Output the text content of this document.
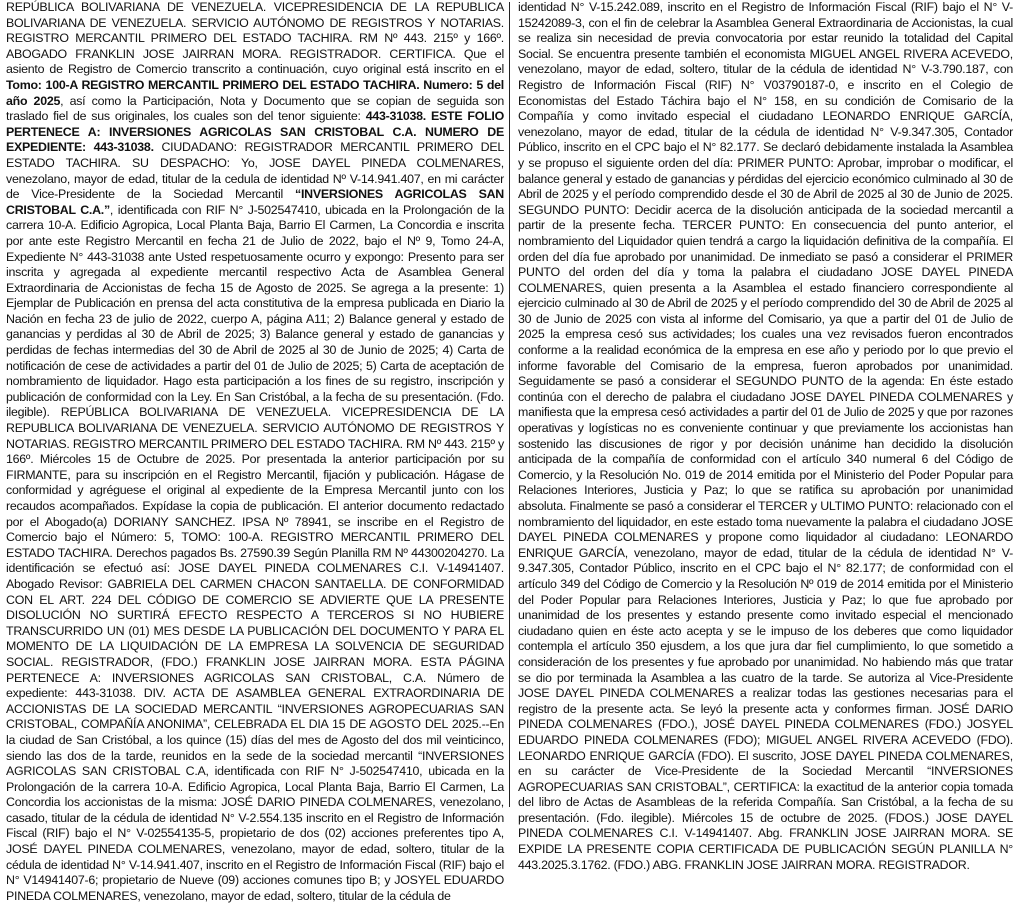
REPÚBLICA BOLIVARIANA DE VENEZUELA. VICEPRESIDENCIA DE LA REPUBLICA BOLIVARIANA DE VENEZUELA. SERVICIO AUTÓNOMO DE REGISTROS Y NOTARIAS. REGISTRO MERCANTIL PRIMERO DEL ESTADO TACHIRA. RM Nº 443. 215º y 166º. ABOGADO FRANKLIN JOSE JAIRRAN MORA. REGISTRADOR. CERTIFICA. Que el asiento de Registro de Comercio transcrito a continuación, cuyo original está inscrito en el Tomo: 100-A REGISTRO MERCANTIL PRIMERO DEL ESTADO TACHIRA. Numero: 5 del año 2025, así como la Participación, Nota y Documento que se copian de seguida son traslado fiel de sus originales, los cuales son del tenor siguiente: 443-31038. ESTE FOLIO PERTENECE A: INVERSIONES AGRICOLAS SAN CRISTOBAL C.A. NUMERO DE EXPEDIENTE: 443-31038. CIUDADANO: REGISTRADOR MERCANTIL PRIMERO DEL ESTADO TACHIRA. SU DESPACHO: Yo, JOSE DAYEL PINEDA COLMENARES, venezolano, mayor de edad, titular de la cedula de identidad Nº V-14.941.407, en mi carácter de Vice-Presidente de la Sociedad Mercantil “INVERSIONES AGRICOLAS SAN CRISTOBAL C.A.”, identificada con RIF N° J-502547410, ubicada en la Prolongación de la carrera 10-A. Edificio Agropica, Local Planta Baja, Barrio El Carmen, La Concordia e inscrita por ante este Registro Mercantil en fecha 21 de Julio de 2022, bajo el Nº 9, Tomo 24-A, Expediente N° 443-31038 ante Usted respetuosamente ocurro y expongo: Presento para ser inscrita y agregada al expediente mercantil respectivo Acta de Asamblea General Extraordinaria de Accionistas de fecha 15 de Agosto de 2025. Se agrega a la presente: 1) Ejemplar de Publicación en prensa del acta constitutiva de la empresa publicada en Diario la Nación en fecha 23 de julio de 2022, cuerpo A, página A11; 2) Balance general y estado de ganancias y perdidas al 30 de Abril de 2025; 3) Balance general y estado de ganancias y perdidas de fechas intermedias del 30 de Abril de 2025 al 30 de Junio de 2025; 4) Carta de notificación de cese de actividades a partir del 01 de Julio de 2025; 5) Carta de aceptación de nombramiento de liquidador. Hago esta participación a los fines de su registro, inscripción y publicación de conformidad con la Ley. En San Cristóbal, a la fecha de su presentación. (Fdo. ilegible). REPÚBLICA BOLIVARIANA DE VENEZUELA. VICEPRESIDENCIA DE LA REPUBLICA BOLIVARIANA DE VENEZUELA. SERVICIO AUTÓNOMO DE REGISTROS Y NOTARIAS. REGISTRO MERCANTIL PRIMERO DEL ESTADO TACHIRA. RM Nº 443. 215º y 166º. Miércoles 15 de Octubre de 2025. Por presentada la anterior participación por su FIRMANTE, para su inscripción en el Registro Mercantil, fijación y publicación. Hágase de conformidad y agréguese el original al expediente de la Empresa Mercantil junto con los recaudos acompañados. Expídase la copia de publicación. El anterior documento redactado por el Abogado(a) DORIANY SANCHEZ. IPSA Nº 78941, se inscribe en el Registro de Comercio bajo el Número: 5, TOMO: 100-A. REGISTRO MERCANTIL PRIMERO DEL ESTADO TACHIRA. Derechos pagados Bs. 27590.39 Según Planilla RM Nº 44300204270. La identificación se efectuó así: JOSE DAYEL PINEDA COLMENARES C.I. V-14941407. Abogado Revisor: GABRIELA DEL CARMEN CHACON SANTAELLA. DE CONFORMIDAD CON EL ART. 224 DEL CÓDIGO DE COMERCIO SE ADVIERTE QUE LA PRESENTE DISOLUCIÓN NO SURTIRÁ EFECTO RESPECTO A TERCEROS SI NO HUBIERE TRANSCURRIDO UN (01) MES DESDE LA PUBLICACIÓN DEL DOCUMENTO Y PARA EL MOMENTO DE LA LIQUIDACIÓN DE LA EMPRESA LA SOLVENCIA DE SEGURIDAD SOCIAL. REGISTRADOR, (FDO.) FRANKLIN JOSE JAIRRAN MORA. ESTA PÁGINA PERTENECE A: INVERSIONES AGRICOLAS SAN CRISTOBAL, C.A. Número de expediente: 443-31038. DIV. ACTA DE ASAMBLEA GENERAL EXTRAORDINARIA DE ACCIONISTAS DE LA SOCIEDAD MERCANTIL “INVERSIONES AGROPECUARIAS SAN CRISTOBAL, COMPAÑÍA ANONIMA”, CELEBRADA EL DIA 15 DE AGOSTO DEL 2025.--En la ciudad de San Cristóbal, a los quince (15) días del mes de Agosto del dos mil veinticinco, siendo las dos de la tarde, reunidos en la sede de la sociedad mercantil “INVERSIONES AGRICOLAS SAN CRISTOBAL C.A, identificada con RIF N° J-502547410, ubicada en la Prolongación de la carrera 10-A. Edificio Agropica, Local Planta Baja, Barrio El Carmen, La Concordia los accionistas de la misma: JOSÉ DARIO PINEDA COLMENARES, venezolano, casado, titular de la cédula de identidad N° V-2.554.135 inscrito en el Registro de Información Fiscal (RIF) bajo el N° V-02554135-5, propietario de dos (02) acciones preferentes tipo A, JOSÉ DAYEL PINEDA COLMENARES, venezolano, mayor de edad, soltero, titular de la cédula de identidad N° V-14.941.407, inscrito en el Registro de Información Fiscal (RIF) bajo el N° V14941407-6; propietario de Nueve (09) acciones comunes tipo B; y JOSYEL EDUARDO PINEDA COLMENARES, venezolano, mayor de edad, soltero, titular de la cédula de
identidad N° V-15.242.089, inscrito en el Registro de Información Fiscal (RIF) bajo el N° V-15242089-3, con el fin de celebrar la Asamblea General Extraordinaria de Accionistas, la cual se realiza sin necesidad de previa convocatoria por estar reunido la totalidad del Capital Social. Se encuentra presente también el economista MIGUEL ANGEL RIVERA ACEVEDO, venezolano, mayor de edad, soltero, titular de la cédula de identidad N° V-3.790.187, con Registro de Información Fiscal (RIF) N° V03790187-0, e inscrito en el Colegio de Economistas del Estado Táchira bajo el N° 158, en su condición de Comisario de la Compañía y como invitado especial el ciudadano LEONARDO ENRIQUE GARCÍA, venezolano, mayor de edad, titular de la cédula de identidad N° V-9.347.305, Contador Público, inscrito en el CPC bajo el N° 82.177. Se declaró debidamente instalada la Asamblea y se propuso el siguiente orden del día: PRIMER PUNTO: Aprobar, improbar o modificar, el balance general y estado de ganancias y pérdidas del ejercicio económico culminado al 30 de Abril de 2025 y el período comprendido desde el 30 de Abril de 2025 al 30 de Junio de 2025. SEGUNDO PUNTO: Decidir acerca de la disolución anticipada de la sociedad mercantil a partir de la presente fecha. TERCER PUNTO: En consecuencia del punto anterior, el nombramiento del Liquidador quien tendrá a cargo la liquidación definitiva de la compañía. El orden del día fue aprobado por unanimidad. De inmediato se pasó a considerar el PRIMER PUNTO del orden del día y toma la palabra el ciudadano JOSE DAYEL PINEDA COLMENARES, quien presenta a la Asamblea el estado financiero correspondiente al ejercicio culminado al 30 de Abril de 2025 y el período comprendido del 30 de Abril de 2025 al 30 de Junio de 2025 con vista al informe del Comisario, ya que a partir del 01 de Julio de 2025 la empresa cesó sus actividades; los cuales una vez revisados fueron encontrados conforme a la realidad económica de la empresa en ese año y periodo por lo que previo el informe favorable del Comisario de la empresa, fueron aprobados por unanimidad. Seguidamente se pasó a considerar el SEGUNDO PUNTO de la agenda: En éste estado continúa con el derecho de palabra el ciudadano JOSE DAYEL PINEDA COLMENARES y manifiesta que la empresa cesó actividades a partir del 01 de Julio de 2025 y que por razones operativas y logísticas no es conveniente continuar y que previamente los accionistas han sostenido las discusiones de rigor y por decisión unánime han decidido la disolución anticipada de la compañía de conformidad con el artículo 340 numeral 6 del Código de Comercio, y la Resolución No. 019 de 2014 emitida por el Ministerio del Poder Popular para Relaciones Interiores, Justicia y Paz; lo que se ratifica su aprobación por unanimidad absoluta. Finalmente se pasó a considerar el TERCER y ULTIMO PUNTO: relacionado con el nombramiento del liquidador, en este estado toma nuevamente la palabra el ciudadano JOSE DAYEL PINEDA COLMENARES y propone como liquidador al ciudadano: LEONARDO ENRIQUE GARCÍA, venezolano, mayor de edad, titular de la cédula de identidad N° V-9.347.305, Contador Público, inscrito en el CPC bajo el N° 82.177; de conformidad con el artículo 349 del Código de Comercio y la Resolución Nº 019 de 2014 emitida por el Ministerio del Poder Popular para Relaciones Interiores, Justicia y Paz; lo que fue aprobado por unanimidad de los presentes y estando presente como invitado especial el mencionado ciudadano quien en éste acto acepta y se le impuso de los deberes que como liquidador contempla el artículo 350 ejusdem, a los que jura dar fiel cumplimiento, lo que sometido a consideración de los presentes y fue aprobado por unanimidad. No habiendo más que tratar se dio por terminada la Asamblea a las cuatro de la tarde. Se autoriza al Vice-Presidente JOSE DAYEL PINEDA COLMENARES a realizar todas las gestiones necesarias para el registro de la presente acta. Se leyó la presente acta y conformes firman. JOSÉ DARIO PINEDA COLMENARES (FDO.), JOSÉ DAYEL PINEDA COLMENARES (FDO.) JOSYEL EDUARDO PINEDA COLMENARES (FDO); MIGUEL ANGEL RIVERA ACEVEDO (FDO). LEONARDO ENRIQUE GARCÍA (FDO). El suscrito, JOSE DAYEL PINEDA COLMENARES, en su carácter de Vice-Presidente de la Sociedad Mercantil “INVERSIONES AGROPECUARIAS SAN CRISTOBAL”, CERTIFICA: la exactitud de la anterior copia tomada del libro de Actas de Asambleas de la referida Compañía. San Cristóbal, a la fecha de su presentación. (Fdo. ilegible). Miércoles 15 de octubre de 2025. (FDOS.) JOSE DAYEL PINEDA COLMENARES C.I. V-14941407. Abg. FRANKLIN JOSE JAIRRAN MORA. SE EXPIDE LA PRESENTE COPIA CERTIFICADA DE PUBLICACIÓN SEGÚN PLANILLA N° 443.2025.3.1762. (FDO.) ABG. FRANKLIN JOSE JAIRRAN MORA. REGISTRADOR.
